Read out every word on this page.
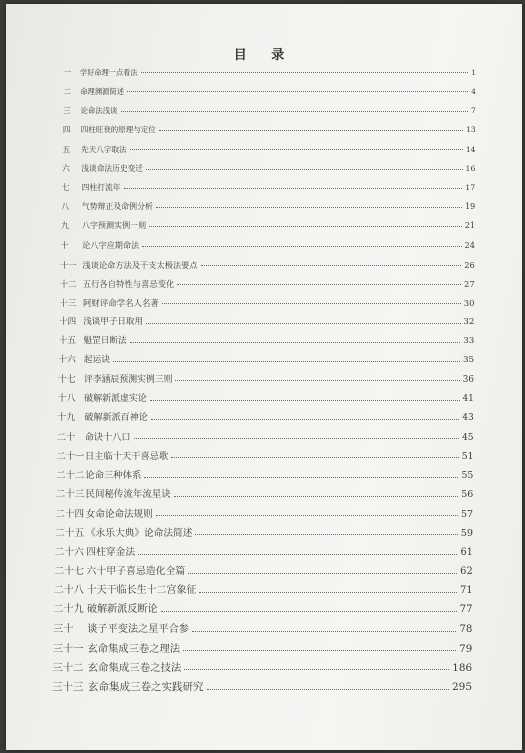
目 录
一	学好命理一点看法	1
二	命理渊源简述	4
三	论命法浅谈	7
四	四柱旺衰的原理与定位	13
五	先天八字取法	14
六	浅谈命法历史变迁	16
七	四柱打流年	17
八	气势辩正及命例分析	19
九	八字预测实例一则	21
十	论八字应期命法	24
十一 浅谈论命方法及干支太极法要点	26
十二 五行各自特性与喜忌变化	27
十三 阿财评命学名人名著	30
十四 浅谈甲子日取用	32
十五 魁罡日断法	33
十六 起运诀	35
十七 评李涵辰预测实例三则	36
十八 破解新派虚实论	41
十九	破解新派百神论	43
二十	命诀十八口	45
二十一 日主临十天干喜忌歌	51
二十二 论命三种体系	55
二十三 民间秘传流年流星诀	56
二十四 女命论命法规则	57
二十五 《永乐大典》论命法简述	59
二十六 四柱穿金法	61
二十七 六十甲子喜忌造化全篇	62
二十八 十天干临长生十二宫象征	71
二十九 破解新派反断论	77
三十	谈子平变法之星平合参	78
三十一 玄命集成三卷之理法	79
三十二 玄命集成三卷之技法	186
三十三 玄命集成三卷之实践研究	295
